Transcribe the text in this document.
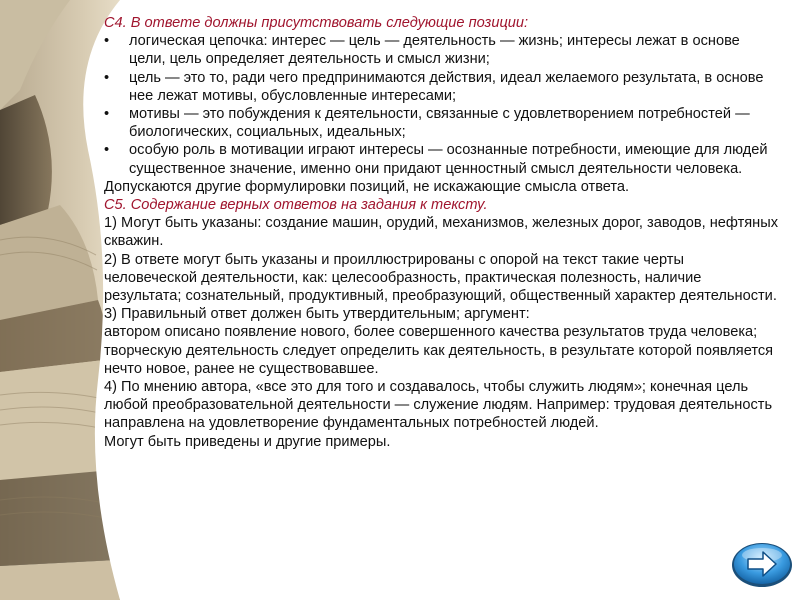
С4. В ответе должны присутствовать следующие позиции:

• логическая цепочка: интерес — цель — деятельность — жизнь; интересы лежат в основе цели, цель определяет деятельность и смысл жизни;
• цель — это то, ради чего предпринимаются действия, идеал желаемого результата, в основе нее лежат мотивы, обусловленные интересами;
• мотивы — это побуждения к деятельности, связанные с удовлетворением потребностей — биологических, социальных, идеальных;
• особую роль в мотивации играют интересы — осознанные потребности, имеющие для людей существенное значение, именно они придают ценностный смысл деятельности человека.

Допускаются другие формулировки позиций, не искажающие смысла ответа.

С5. Содержание верных ответов на задания к тексту.

1) Могут быть указаны: создание машин, орудий, механизмов, железных дорог, заводов, нефтяных скважин.

2) В ответе могут быть указаны и проиллюстрированы с опорой на текст такие черты человеческой деятельности, как: целесообразность, практическая полезность, наличие результата; сознательный, продуктивный, преобразующий, общественный характер деятельности.

3) Правильный ответ должен быть утвердительным; аргумент:

автором описано появление нового, более совершенного качества результатов труда человека;

творческую деятельность следует определить как деятельность, в результате которой появляется нечто новое, ранее не существовавшее.

4) По мнению автора, «все это для того и создавалось, чтобы служить людям»; конечная цель любой преобразовательной деятельности — служение людям. Например: трудовая деятельность направлена на удовлетворение фундаментальных потребностей людей.

Могут быть приведены и другие примеры.
